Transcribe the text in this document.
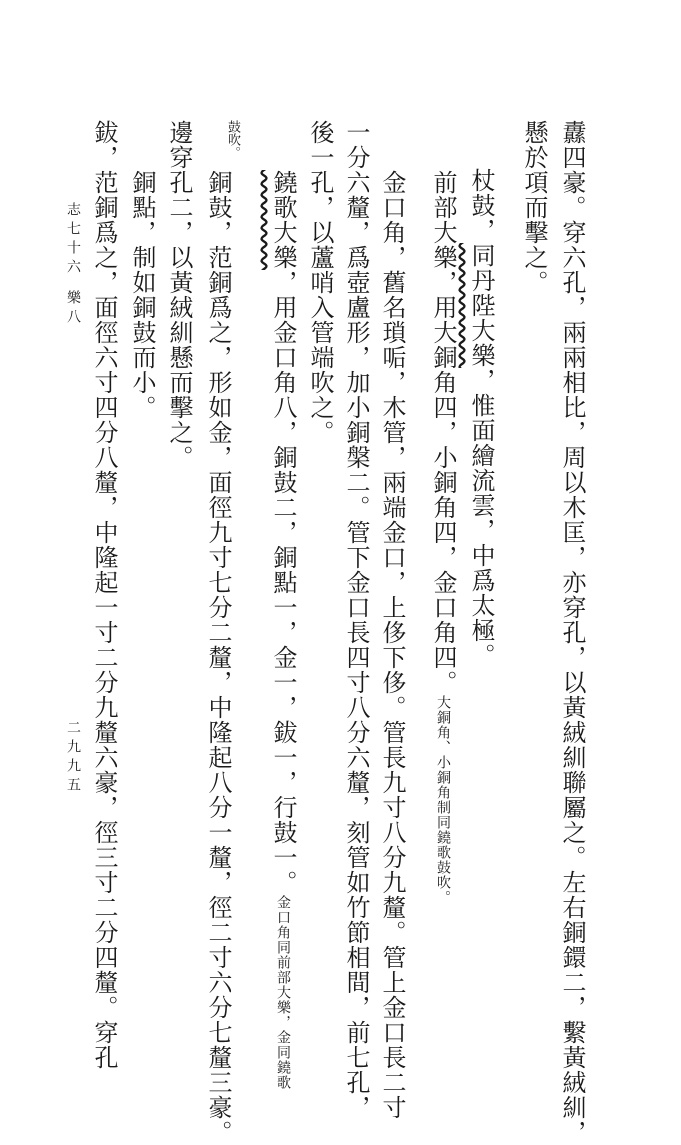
志七十六
樂八
二九九五	纛四豪。穿六孔，兩兩相比，周以木匡，亦穿孔，以黃絨紃聯屬之。左右銅鐶二，繫黃絨紃，
懸於項而擊之。
杖鼓，同丹陛大樂，惟面繪流雲，中爲太極。
前部大樂，用大銅角四，小銅角四，金口角四。大銅角、小銅角制同鐃歌鼓吹。
金口角，舊名瑣㖃，木管，兩端金口，上侈下侈。管長九寸八分九釐。管上金口長二寸
一分六釐，爲壺盧形，加小銅槃二。管下金口長四寸八分六釐，刻管如竹節相間，前七孔，
後一孔，以蘆哨入管端吹之。
鐃歌大樂，用金口角八，銅鼓二，銅點一，金一，鈸一，行鼓一。金口角同前部大樂，金同鐃歌
鼓吹。
銅鼓，范銅爲之，形如金，面徑九寸七分二釐，中隆起八分一釐，徑二寸六分七釐三豪。
邊穿孔二，以黃絨紃懸而擊之。
銅點，制如銅鼓而小。
鈸，范銅爲之，面徑六寸四分八釐，中隆起一寸二分九釐六豪，徑三寸二分四釐。穿孔
